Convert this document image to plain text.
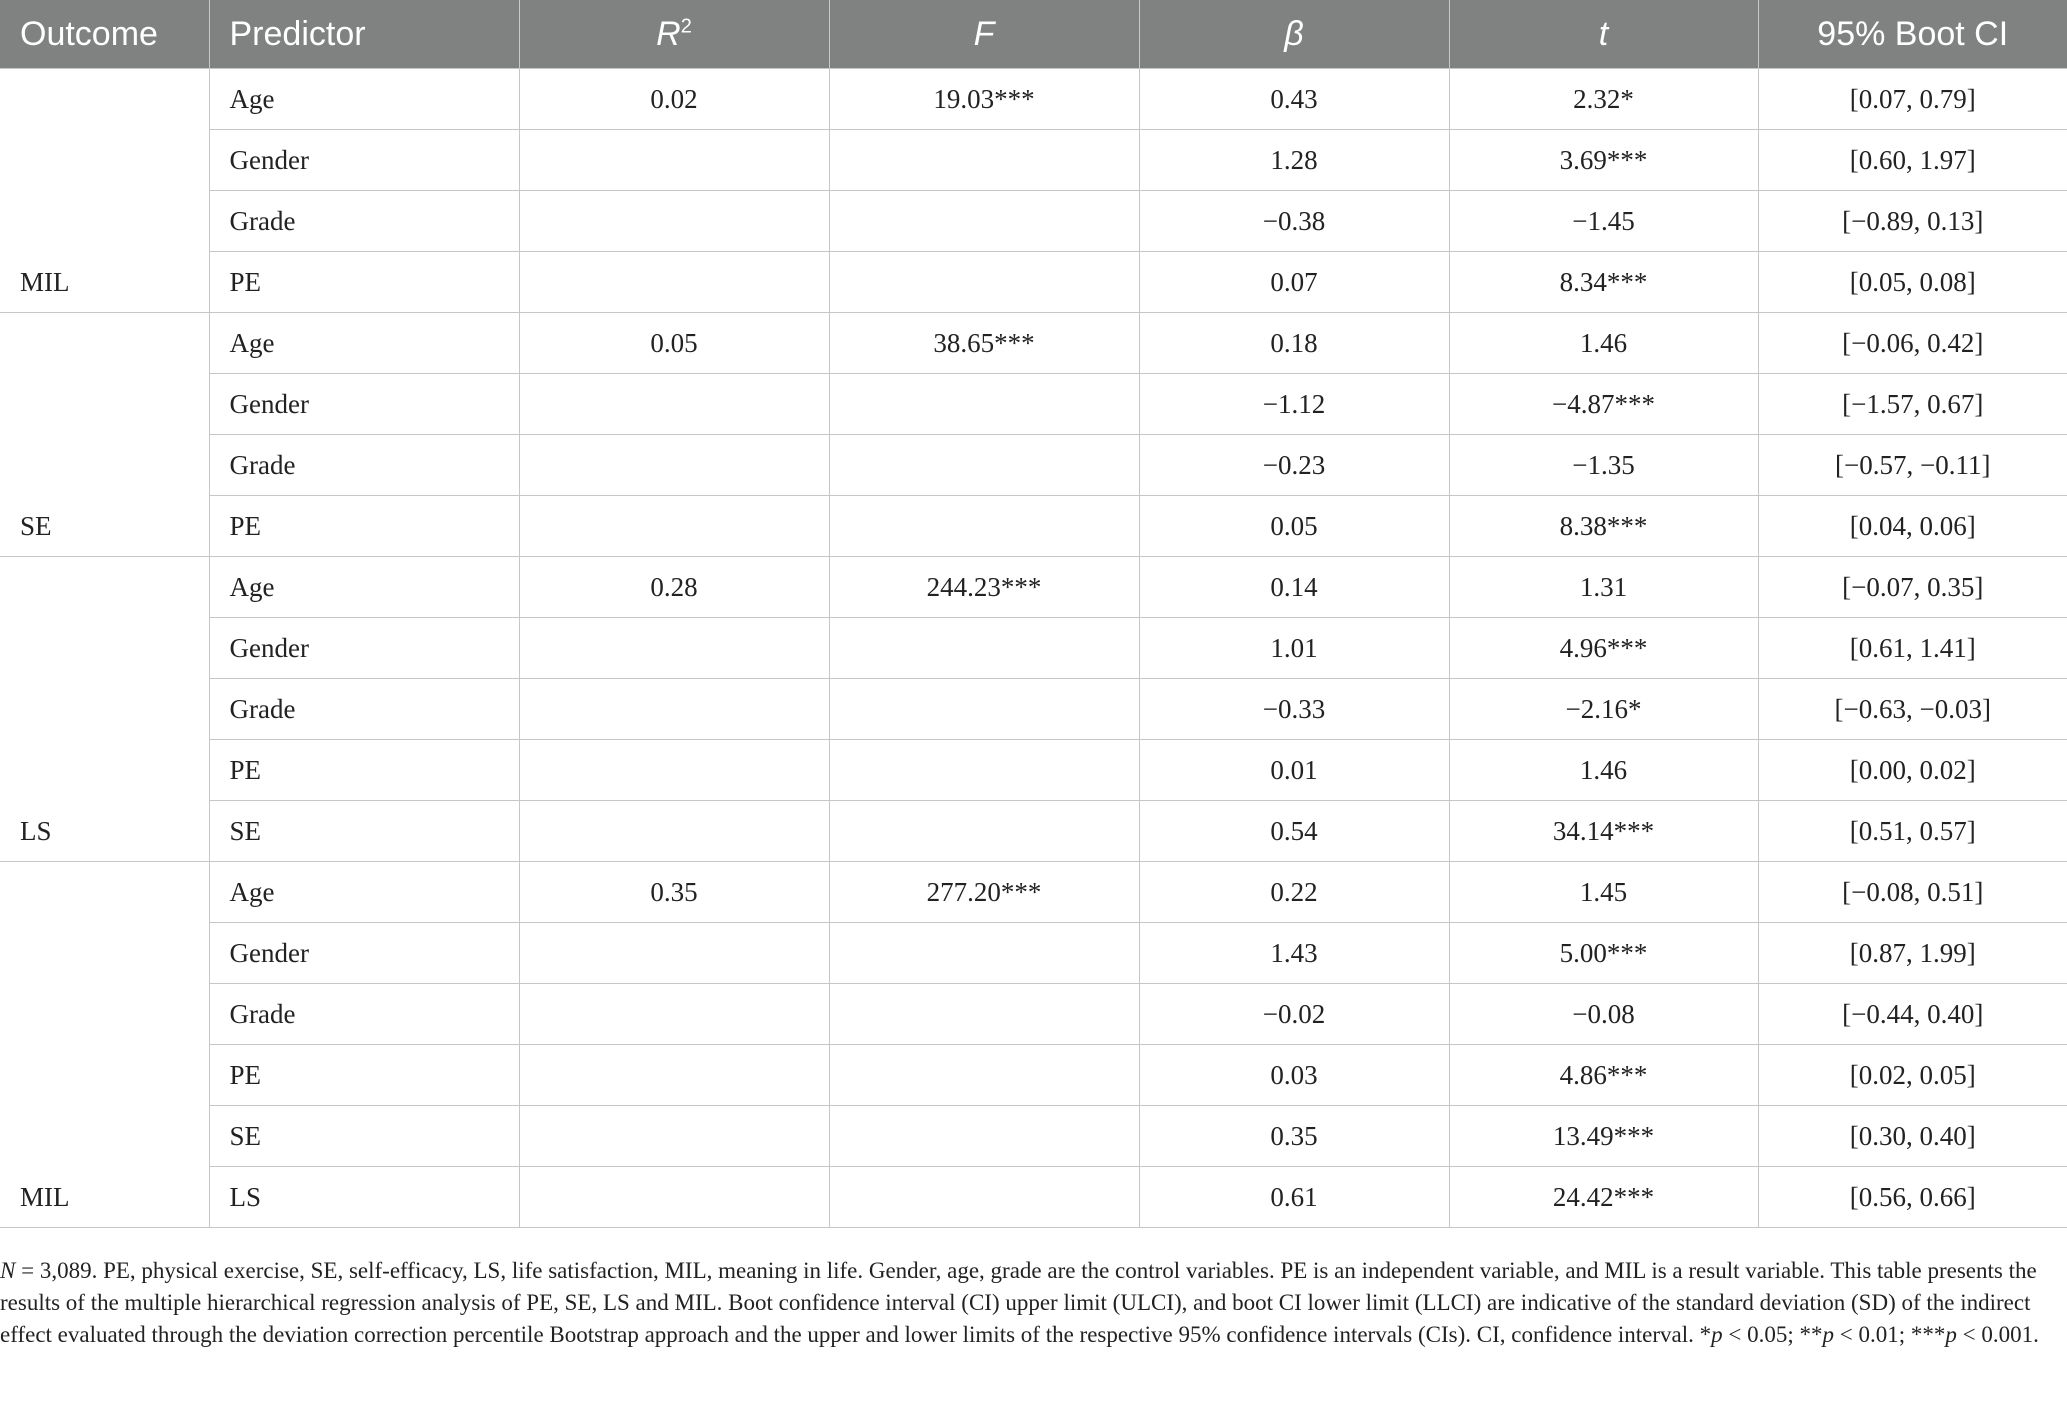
Outcome	Predictor	$R^2$	F	β	t	95% Boot CI
MIL	Age	0.02	19.03***	0.43	2.32*	[0.07, 0.79]
	Gender			1.28	3.69***	[0.60, 1.97]
	Grade			−0.38	−1.45	[−0.89, 0.13]
	PE			0.07	8.34***	[0.05, 0.08]
SE	Age	0.05	38.65***	0.18	1.46	[−0.06, 0.42]
	Gender			−1.12	−4.87***	[−1.57, 0.67]
	Grade			−0.23	−1.35	[−0.57, −0.11]
	PE			0.05	8.38***	[0.04, 0.06]
LS	Age	0.28	244.23***	0.14	1.31	[−0.07, 0.35]
	Gender			1.01	4.96***	[0.61, 1.41]
	Grade			−0.33	−2.16*	[−0.63, −0.03]
	PE			0.01	1.46	[0.00, 0.02]
	SE			0.54	34.14***	[0.51, 0.57]
MIL	Age	0.35	277.20***	0.22	1.45	[−0.08, 0.51]
	Gender			1.43	5.00***	[0.87, 1.99]
	Grade			−0.02	−0.08	[−0.44, 0.40]
	PE			0.03	4.86***	[0.02, 0.05]
	SE			0.35	13.49***	[0.30, 0.40]
	LS			0.61	24.42***	[0.56, 0.66]
N = 3,089. PE, physical exercise, SE, self-efficacy, LS, life satisfaction, MIL, meaning in life. Gender, age, grade are the control variables. PE is an independent variable, and MIL is a result variable. This table presents the results of the multiple hierarchical regression analysis of PE, SE, LS and MIL. Boot confidence interval (CI) upper limit (ULCI), and boot CI lower limit (LLCI) are indicative of the standard deviation (SD) of the indirect effect evaluated through the deviation correction percentile Bootstrap approach and the upper and lower limits of the respective 95% confidence intervals (CIs). CI, confidence interval. *p < 0.05; **p < 0.01; ***p < 0.001.
